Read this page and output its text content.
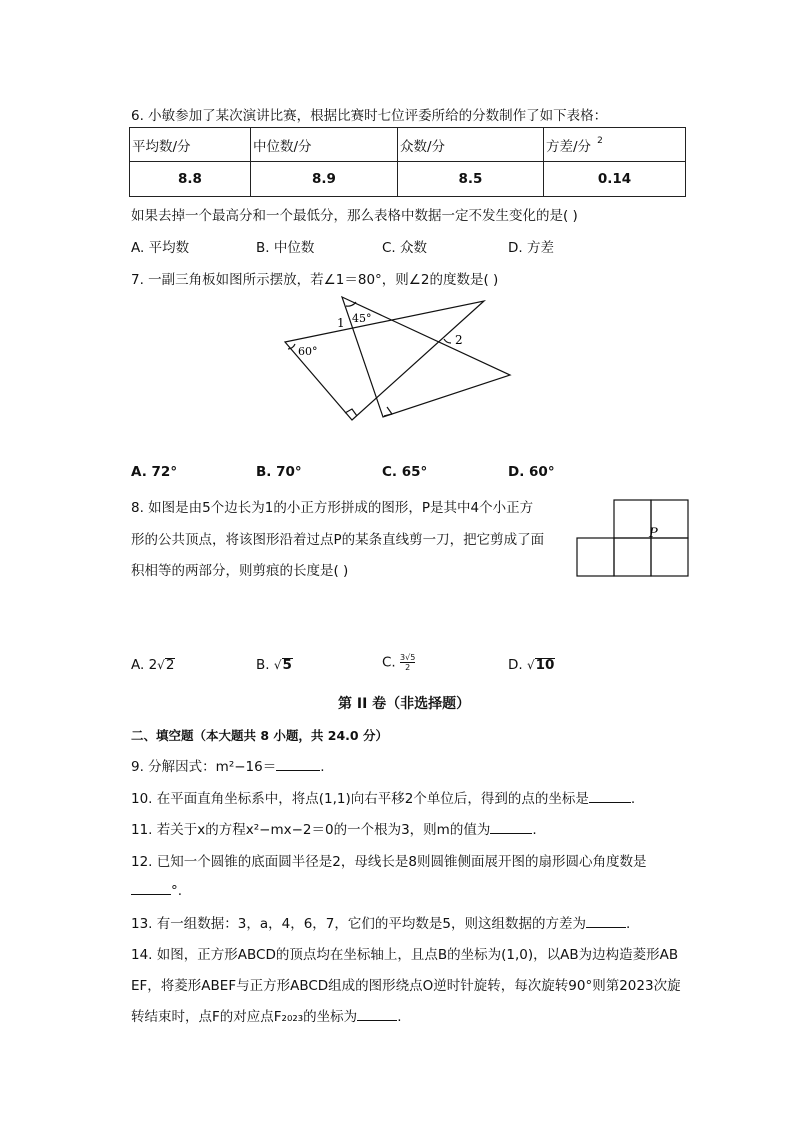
6. 小敏参加了某次演讲比赛，根据比赛时七位评委所给的分数制作了如下表格：
平均数/分	中位数/分	众数/分	方差/分 $^2$
8.8	8.9	8.5	0.14
如果去掉一个最高分和一个最低分，那么表格中数据一定不发生变化的是( )
A. 平均数	B. 中位数	C. 众数	D. 方差
7. 一副三角板如图所示摆放，若∠1＝80°，则∠2的度数是( )
1 45°
60°
2
A. 72°	B. 70°	C. 65°	D. 60°
8. 如图是由5个边长为1的小正方形拼成的图形，P是其中4个小正方
形的公共顶点，将该图形沿着过点P的某条直线剪一刀，把它剪成了面
积相等的两部分，则剪痕的长度是( )
P
A. 2√2	B. √5	C. $\frac{3√5}{2}$	D. √10
第 II 卷（非选择题）
二、填空题（本大题共 8 小题，共 24.0 分）
9. 分解因式：m²−16＝	.
10. 在平面直角坐标系中，将点(1,1)向右平移2个单位后，得到的点的坐标是	.
11. 若关于x的方程x²−mx−2＝0的一个根为3，则m的值为	.
12. 已知一个圆锥的底面圆半径是2，母线长是8则圆锥侧面展开图的扇形圆心角度数是
°.
13. 有一组数据：3，a，4，6，7，它们的平均数是5，则这组数据的方差为	.
14. 如图，正方形ABCD的顶点均在坐标轴上，且点B的坐标为(1,0)，以AB为边构造菱形AB
EF，将菱形ABEF与正方形ABCD组成的图形绕点O逆时针旋转，每次旋转90°则第2023次旋
转结束时，点F的对应点F₂₀₂₃的坐标为	.
